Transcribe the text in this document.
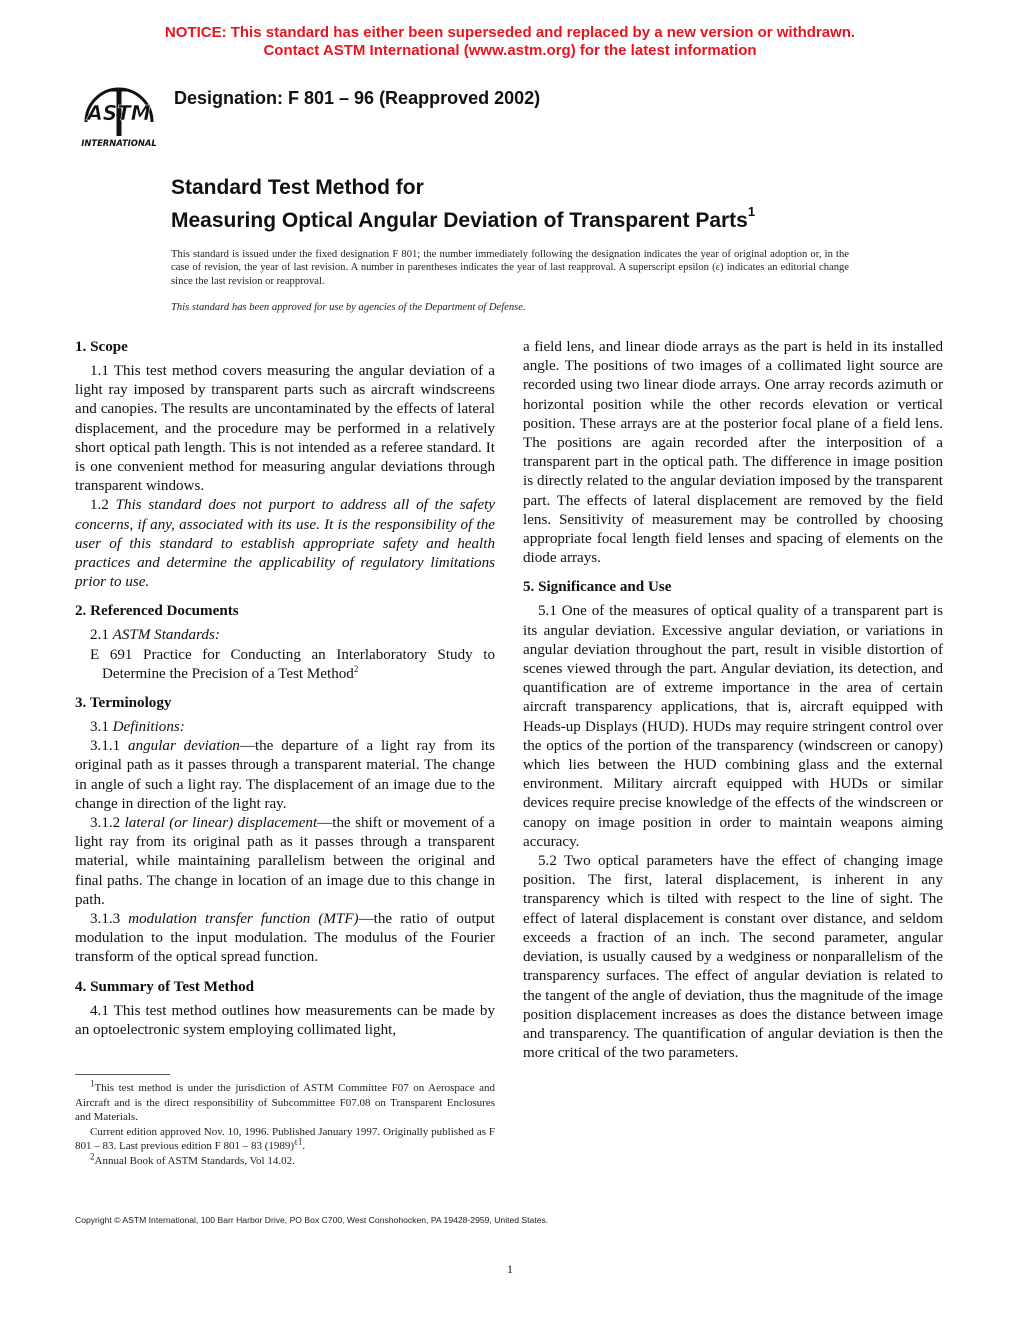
NOTICE: This standard has either been superseded and replaced by a new version or withdrawn.
Contact ASTM International (www.astm.org) for the latest information
ASTM
INTERNATIONAL
Designation: F 801 – 96 (Reapproved 2002)
Standard Test Method for
Measuring Optical Angular Deviation of Transparent Parts$^1$
This standard is issued under the fixed designation F 801; the number immediately following the designation indicates the year of original adoption or, in the case of revision, the year of last revision. A number in parentheses indicates the year of last reapproval. A superscript epsilon (ε) indicates an editorial change since the last revision or reapproval.
This standard has been approved for use by agencies of the Department of Defense.
1. Scope

1.1 This test method covers measuring the angular deviation of a light ray imposed by transparent parts such as aircraft windscreens and canopies. The results are uncontaminated by the effects of lateral displacement, and the procedure may be performed in a relatively short optical path length. This is not intended as a referee standard. It is one convenient method for measuring angular deviations through transparent windows.

1.2 This standard does not purport to address all of the safety concerns, if any, associated with its use. It is the responsibility of the user of this standard to establish appropriate safety and health practices and determine the applicability of regulatory limitations prior to use.

2. Referenced Documents

2.1 ASTM Standards:

E 691 Practice for Conducting an Interlaboratory Study to Determine the Precision of a Test Method$^2$

3. Terminology

3.1 Definitions:

3.1.1 angular deviation—the departure of a light ray from its original path as it passes through a transparent material. The change in angle of such a light ray. The displacement of an image due to the change in direction of the light ray.

3.1.2 lateral (or linear) displacement—the shift or movement of a light ray from its original path as it passes through a transparent material, while maintaining parallelism between the original and final paths. The change in location of an image due to this change in path.

3.1.3 modulation transfer function (MTF)—the ratio of output modulation to the input modulation. The modulus of the Fourier transform of the optical spread function.

4. Summary of Test Method

4.1 This test method outlines how measurements can be made by an optoelectronic system employing collimated light,

a field lens, and linear diode arrays as the part is held in its installed angle. The positions of two images of a collimated light source are recorded using two linear diode arrays. One array records azimuth or horizontal position while the other records elevation or vertical position. These arrays are at the posterior focal plane of a field lens. The positions are again recorded after the interposition of a transparent part in the optical path. The difference in image position is directly related to the angular deviation imposed by the transparent part. The effects of lateral displacement are removed by the field lens. Sensitivity of measurement may be controlled by choosing appropriate focal length field lenses and spacing of elements on the diode arrays.

5. Significance and Use

5.1 One of the measures of optical quality of a transparent part is its angular deviation. Excessive angular deviation, or variations in angular deviation throughout the part, result in visible distortion of scenes viewed through the part. Angular deviation, its detection, and quantification are of extreme importance in the area of certain aircraft transparency applications, that is, aircraft equipped with Heads-up Displays (HUD). HUDs may require stringent control over the optics of the portion of the transparency (windscreen or canopy) which lies between the HUD combining glass and the external environment. Military aircraft equipped with HUDs or similar devices require precise knowledge of the effects of the windscreen or canopy on image position in order to maintain weapons aiming accuracy.

5.2 Two optical parameters have the effect of changing image position. The first, lateral displacement, is inherent in any transparency which is tilted with respect to the line of sight. The effect of lateral displacement is constant over distance, and seldom exceeds a fraction of an inch. The second parameter, angular deviation, is usually caused by a wedginess or nonparallelism of the transparency surfaces. The effect of angular deviation is related to the tangent of the angle of deviation, thus the magnitude of the image position displacement increases as does the distance between image and transparency. The quantification of angular deviation is then the more critical of the two parameters.

$^1$This test method is under the jurisdiction of ASTM Committee F07 on Aerospace and Aircraft and is the direct responsibility of Subcommittee F07.08 on Transparent Enclosures and Materials.

Current edition approved Nov. 10, 1996. Published January 1997. Originally published as F 801 – 83. Last previous edition F 801 – 83 (1989)$^{\varepsilon 1}$.

$^2$Annual Book of ASTM Standards, Vol 14.02.

Copyright © ASTM International, 100 Barr Harbor Drive, PO Box C700, West Conshohocken, PA 19428-2959, United States.
1
